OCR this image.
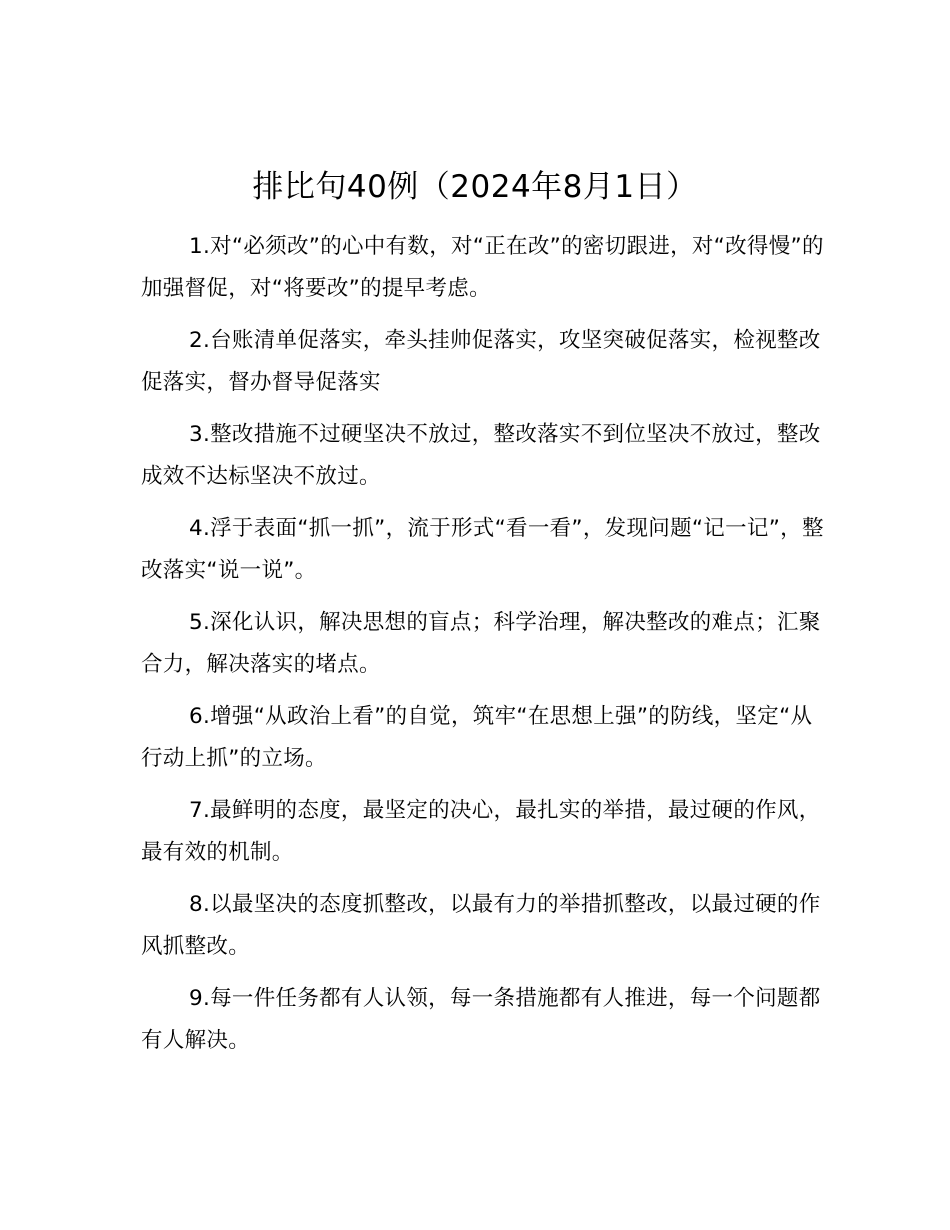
排比句40例（2024年8月1日）

1.对“必须改”的心中有数，对“正在改”的密切跟进，对“改得慢”的加强督促，对“将要改”的提早考虑。

2.台账清单促落实，牵头挂帅促落实，攻坚突破促落实，检视整改促落实，督办督导促落实

3.整改措施不过硬坚决不放过，整改落实不到位坚决不放过，整改成效不达标坚决不放过。

4.浮于表面“抓一抓”，流于形式“看一看”，发现问题“记一记”，整改落实“说一说”。

5.深化认识，解决思想的盲点；科学治理，解决整改的难点；汇聚合力，解决落实的堵点。

6.增强“从政治上看”的自觉，筑牢“在思想上强”的防线，坚定“从行动上抓”的立场。

7.最鲜明的态度，最坚定的决心，最扎实的举措，最过硬的作风，最有效的机制。

8.以最坚决的态度抓整改，以最有力的举措抓整改，以最过硬的作风抓整改。

9.每一件任务都有人认领，每一条措施都有人推进，每一个问题都有人解决。
